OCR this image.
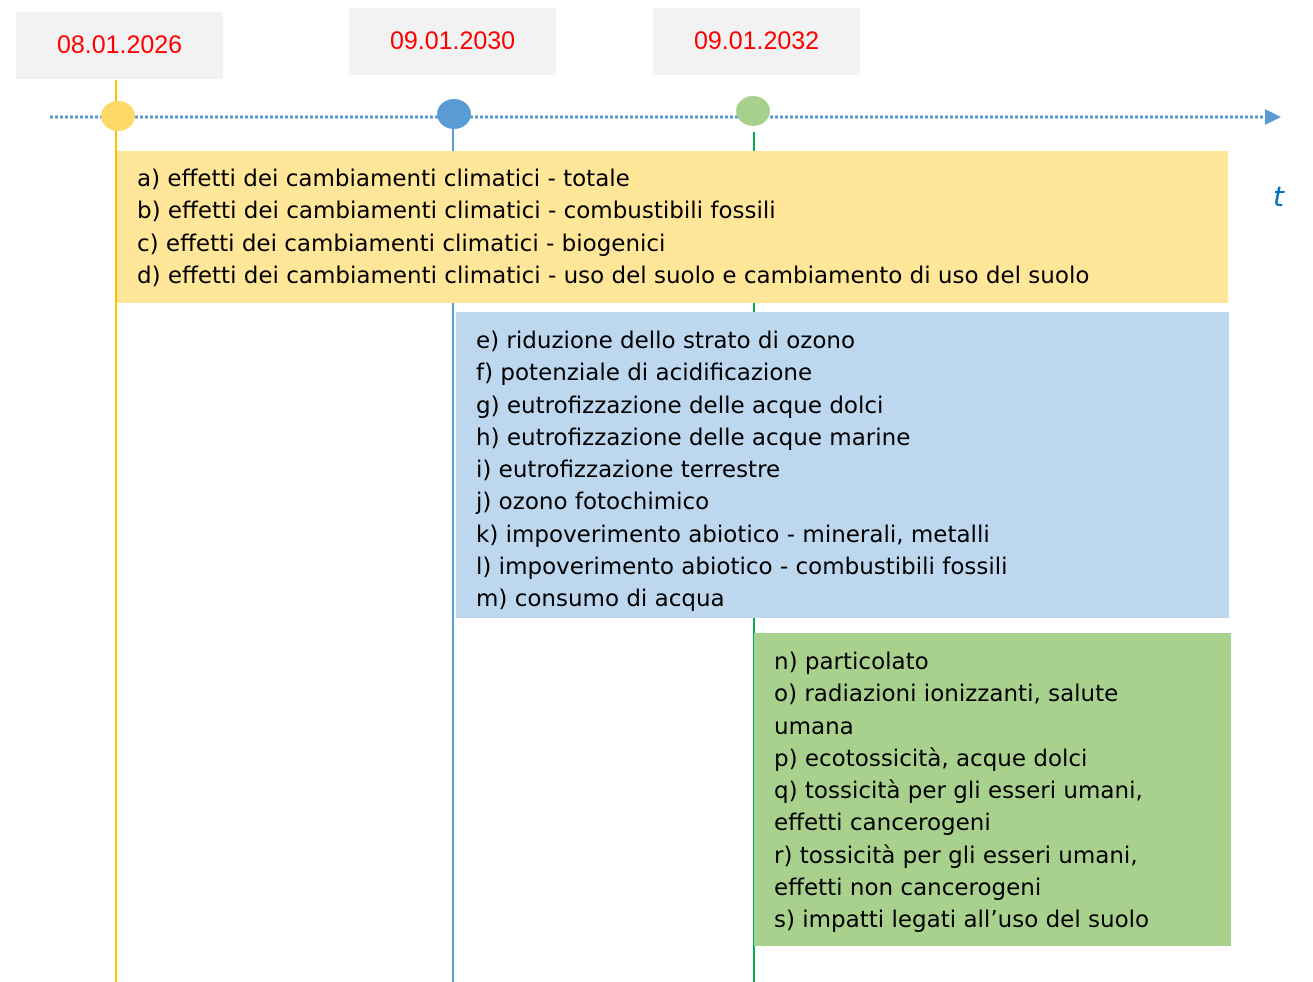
08.01.2026	09.01.2030	09.01.2032
t
a) effetti dei cambiamenti climatici - totale
b) effetti dei cambiamenti climatici - combustibili fossili
c) effetti dei cambiamenti climatici - biogenici
d) effetti dei cambiamenti climatici - uso del suolo e cambiamento di uso del suolo
e) riduzione dello strato di ozono
f) potenziale di acidificazione
g) eutrofizzazione delle acque dolci
h) eutrofizzazione delle acque marine
i) eutrofizzazione terrestre
j) ozono fotochimico
k) impoverimento abiotico - minerali, metalli
l) impoverimento abiotico - combustibili fossili
m) consumo di acqua
n) particolato
o) radiazioni ionizzanti, salute
umana
p) ecotossicità, acque dolci
q) tossicità per gli esseri umani,
effetti cancerogeni
r) tossicità per gli esseri umani,
effetti non cancerogeni
s) impatti legati all’uso del suolo
